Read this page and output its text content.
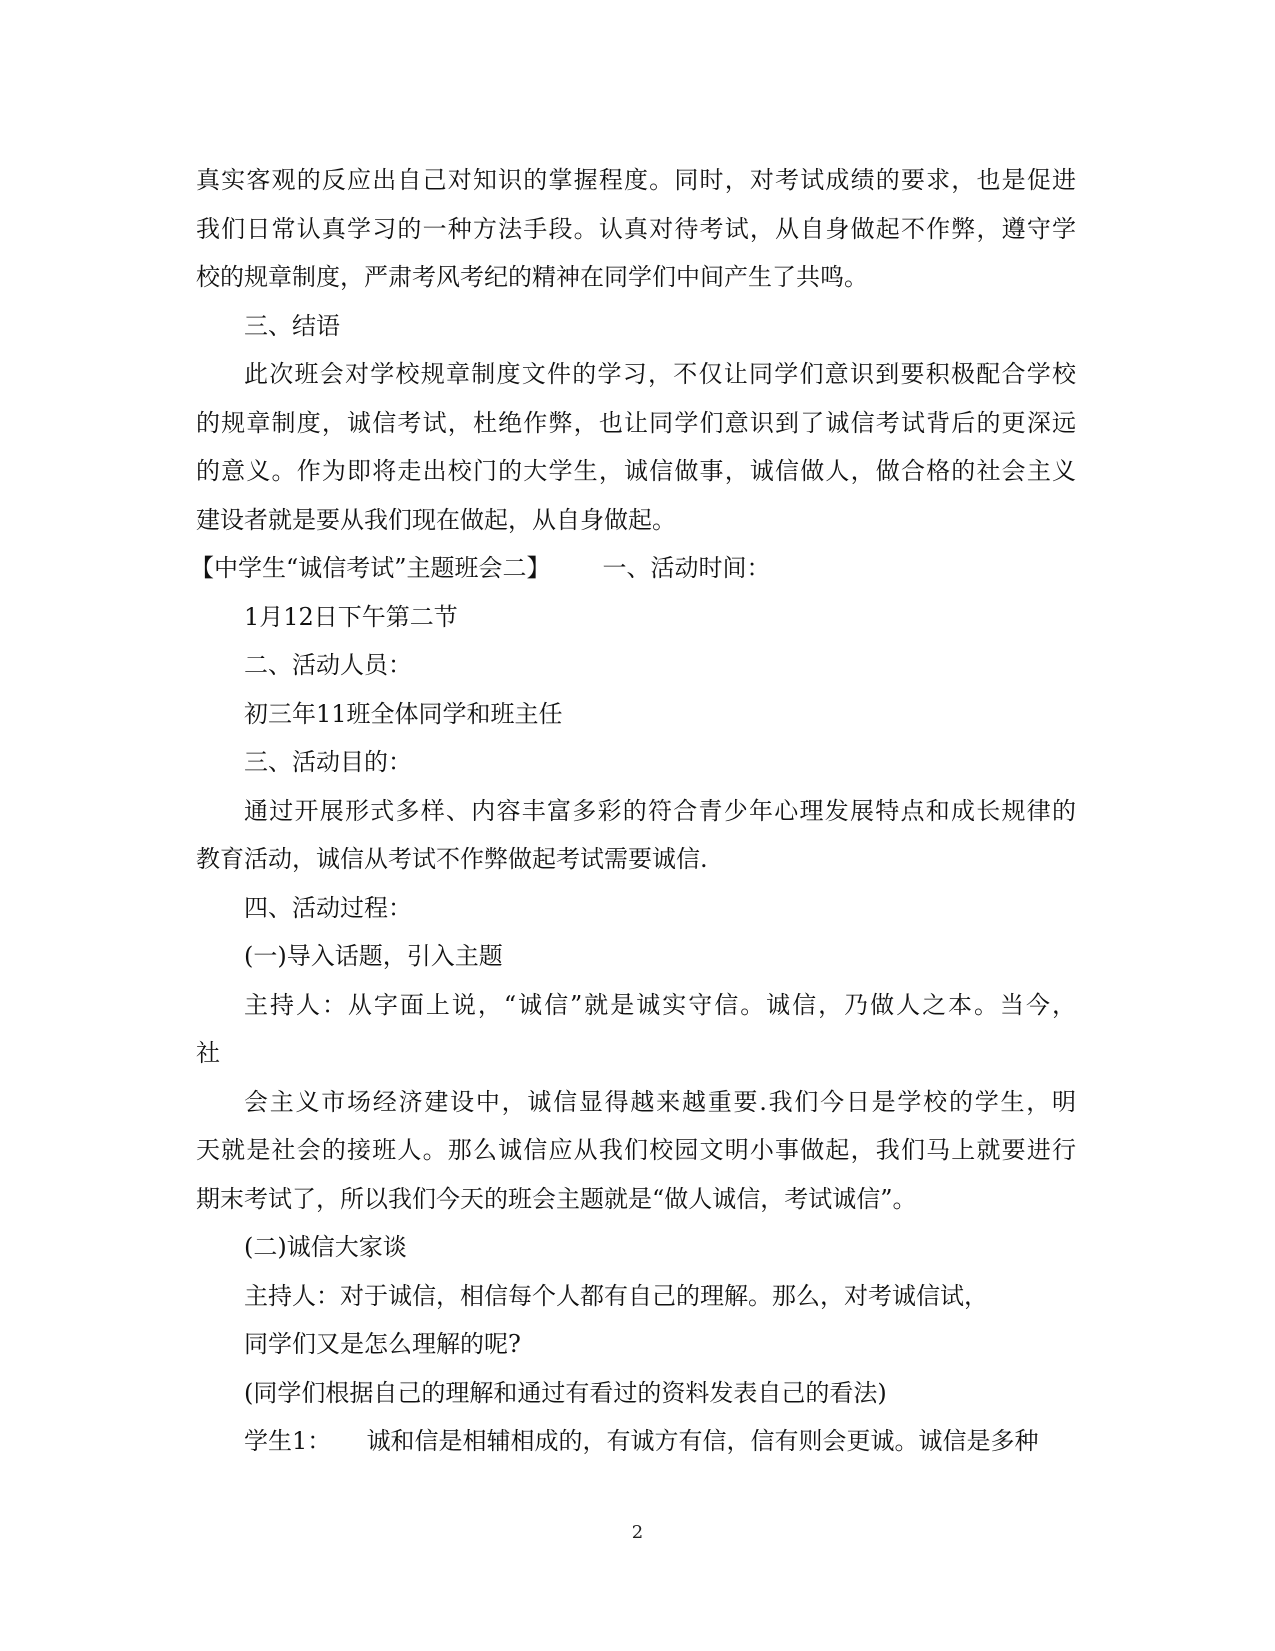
真实客观的反应出自己对知识的掌握程度。同时，对考试成绩的要求，也是促进
我们日常认真学习的一种方法手段。认真对待考试，从自身做起不作弊，遵守学
校的规章制度，严肃考风考纪的精神在同学们中间产生了共鸣。
三、结语
此次班会对学校规章制度文件的学习，不仅让同学们意识到要积极配合学校
的规章制度，诚信考试，杜绝作弊，也让同学们意识到了诚信考试背后的更深远
的意义。作为即将走出校门的大学生，诚信做事，诚信做人，做合格的社会主义
建设者就是要从我们现在做起，从自身做起。
【中学生“诚信考试”主题班会二】 一、活动时间：
1月12日下午第二节
二、活动人员：
初三年11班全体同学和班主任
三、活动目的：
通过开展形式多样、内容丰富多彩的符合青少年心理发展特点和成长规律的
教育活动，诚信从考试不作弊做起考试需要诚信.
四、活动过程：
(一)导入话题，引入主题
主持人：从字面上说，“诚信”就是诚实守信。诚信，乃做人之本。当今，
社
会主义市场经济建设中，诚信显得越来越重要.我们今日是学校的学生，明
天就是社会的接班人。那么诚信应从我们校园文明小事做起，我们马上就要进行
期末考试了，所以我们今天的班会主题就是“做人诚信，考试诚信”。
(二)诚信大家谈
主持人：对于诚信，相信每个人都有自己的理解。那么，对考诚信试，
同学们又是怎么理解的呢?
(同学们根据自己的理解和通过有看过的资料发表自己的看法)
学生1： 诚和信是相辅相成的，有诚方有信，信有则会更诚。诚信是多种
2
